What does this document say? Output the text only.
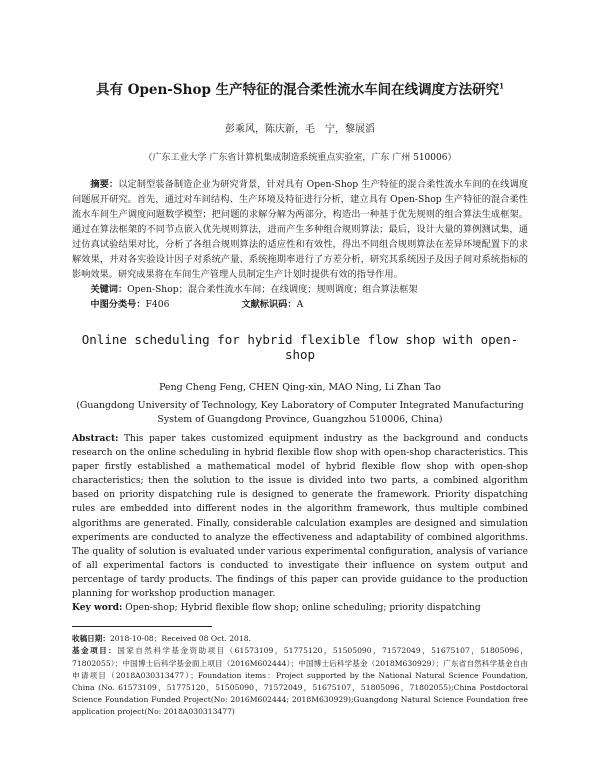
具有 Open-Shop 生产特征的混合柔性流水车间在线调度方法研究$^1$
彭乘风，陈庆新，毛　宁，黎展滔
（广东工业大学 广东省计算机集成制造系统重点实验室，广东 广州 510006）
摘要：以定制型装备制造企业为研究背景，针对具有 Open-Shop 生产特征的混合柔性流水车间的在线调度问题展开研究。首先，通过对车间结构、生产环境及特征进行分析，建立具有 Open-Shop 生产特征的混合柔性流水车间生产调度问题数学模型；把问题的求解分解为两部分，构造出一种基于优先规则的组合算法生成框架。通过在算法框架的不同节点嵌入优先规则算法，进而产生多种组合规则算法；最后，设计大量的算例测试集，通过仿真试验结果对比，分析了各组合规则算法的适应性和有效性，得出不同组合规则算法在差异环境配置下的求解效果，并对各实验设计因子对系统产量、系统拖期率进行了方差分析，研究其系统因子及因子间对系统指标的影响效果。研究成果将在车间生产管理人员制定生产计划时提供有效的指导作用。
关键词：Open-Shop；混合柔性流水车间；在线调度；规则调度；组合算法框架
中图分类号：F406	文献标识码：A
Online scheduling for hybrid flexible flow shop with open-shop
Peng Cheng Feng, CHEN Qing-xin, MAO Ning, Li Zhan Tao
(Guangdong University of Technology, Key Laboratory of Computer Integrated Manufacturing
System of Guangdong Province, Guangzhou 510006, China)
Abstract: This paper takes customized equipment industry as the background and conducts research on the online scheduling in hybrid flexible flow shop with open-shop characteristics. This paper firstly established a mathematical model of hybrid flexible flow shop with open-shop characteristics; then the solution to the issue is divided into two parts, a combined algorithm based on priority dispatching rule is designed to generate the framework. Priority dispatching rules are embedded into different nodes in the algorithm framework, thus multiple combined algorithms are generated. Finally, considerable calculation examples are designed and simulation experiments are conducted to analyze the effectiveness and adaptability of combined algorithms. The quality of solution is evaluated under various experimental configuration, analysis of variance of all experimental factors is conducted to investigate their influence on system output and percentage of tardy products. The findings of this paper can provide guidance to the production planning for workshop production manager.
Key word: Open-shop; Hybrid flexible flow shop; online scheduling; priority dispatching
收稿日期：2018-10-08；Received 08 Oct. 2018.
基金项目：国家自然科学基金资助项目（61573109，51775120，51505090，71572049，51675107，51805096，71802055）；中国博士后科学基金面上项目（2016M602444）；中国博士后科学基金（2018M630929）；广东省自然科学基金自由申请项目（2018A030313477）；Foundation items：Project supported by the National Natural Science Foundation, China (No. 61573109，51775120，51505090，71572049，51675107，51805096，71802055);China Postdoctoral Science Foundation Funded Project(No: 2016M602444; 2018M630929);Guangdong Natural Science Foundation free application project(No: 2018A030313477)
